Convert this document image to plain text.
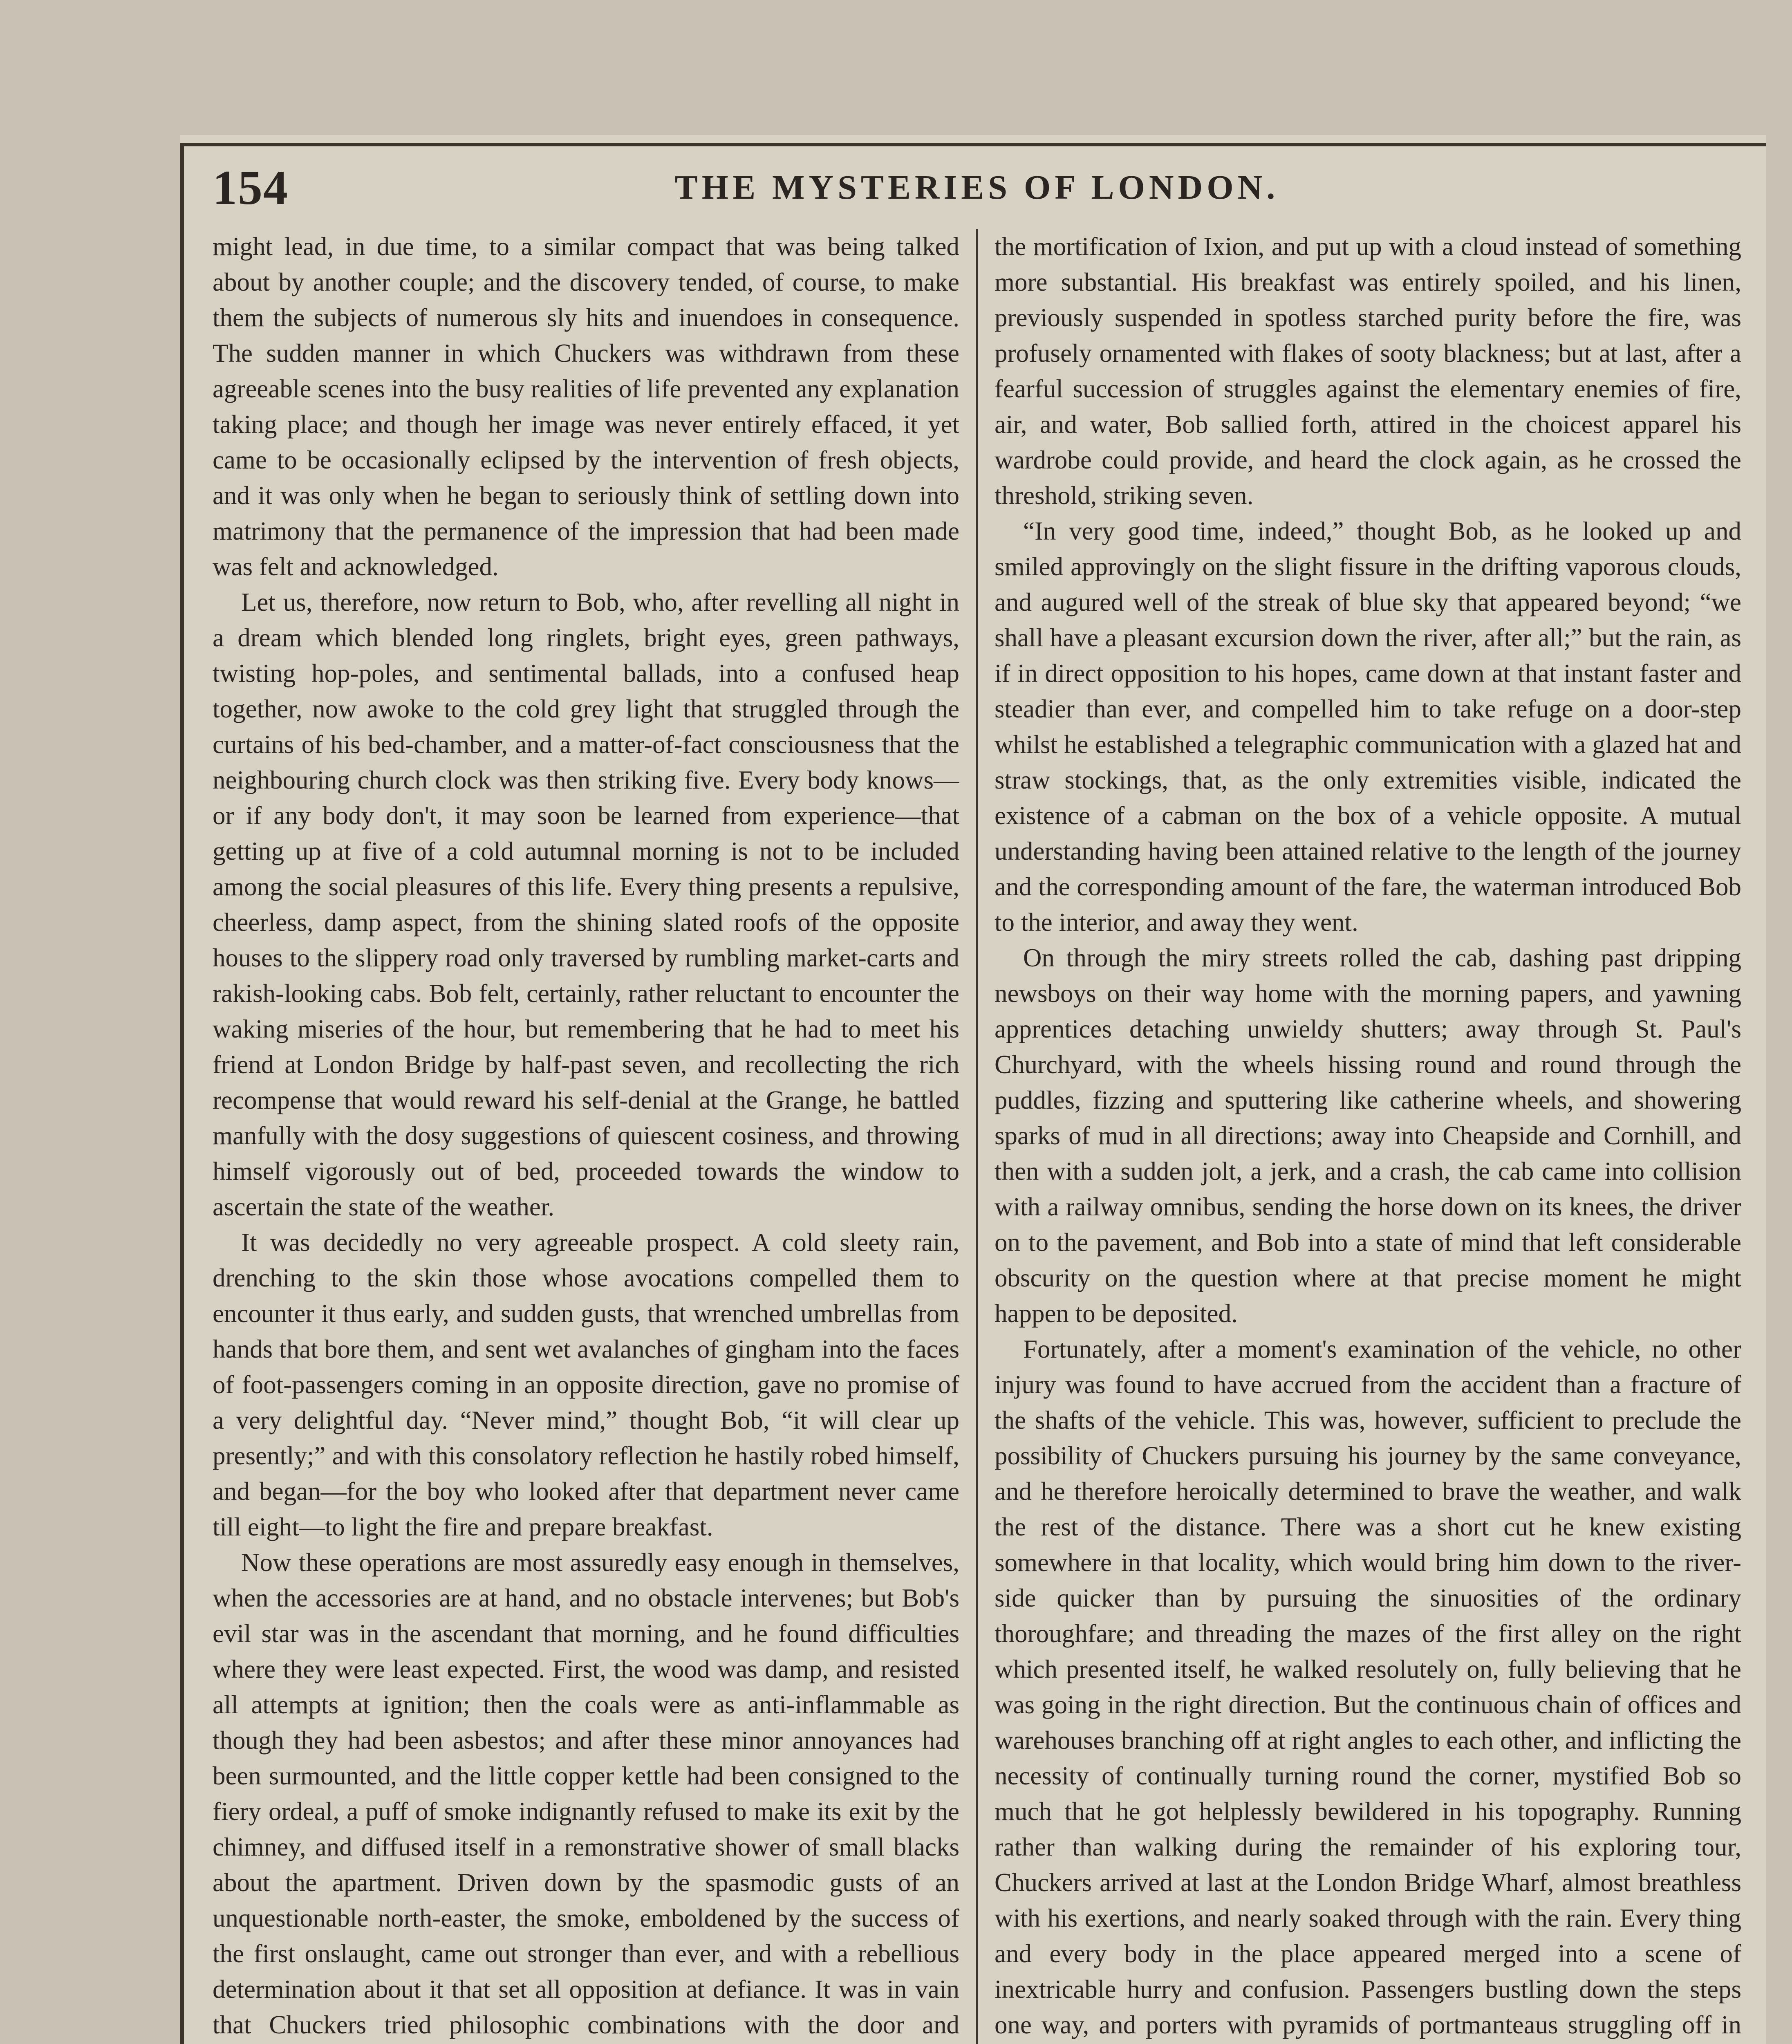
154	THE MYSTERIES OF LONDON.

might lead, in due time, to a similar compact that was being talked about by another couple; and the discovery tended, of course, to make them the subjects of numerous sly hits and inuendoes in consequence. The sudden manner in which Chuckers was withdrawn from these agreeable scenes into the busy realities of life prevented any explanation taking place; and though her image was never entirely effaced, it yet came to be occasionally eclipsed by the intervention of fresh objects, and it was only when he began to seriously think of settling down into matrimony that the permanence of the impression that had been made was felt and acknowledged.

Let us, therefore, now return to Bob, who, after revelling all night in a dream which blended long ringlets, bright eyes, green pathways, twisting hop-poles, and sentimental ballads, into a confused heap together, now awoke to the cold grey light that struggled through the curtains of his bed-chamber, and a matter-of-fact consciousness that the neighbouring church clock was then striking five. Every body knows—or if any body don't, it may soon be learned from experience—that getting up at five of a cold autumnal morning is not to be included among the social pleasures of this life. Every thing presents a repulsive, cheerless, damp aspect, from the shining slated roofs of the opposite houses to the slippery road only traversed by rumbling market-carts and rakish-looking cabs. Bob felt, certainly, rather reluctant to encounter the waking miseries of the hour, but remembering that he had to meet his friend at London Bridge by half-past seven, and recollecting the rich recompense that would reward his self-denial at the Grange, he battled manfully with the dosy suggestions of quiescent cosiness, and throwing himself vigorously out of bed, proceeded towards the window to ascertain the state of the weather.

It was decidedly no very agreeable prospect. A cold sleety rain, drenching to the skin those whose avocations compelled them to encounter it thus early, and sudden gusts, that wrenched umbrellas from hands that bore them, and sent wet avalanches of gingham into the faces of foot-passengers coming in an opposite direction, gave no promise of a very delightful day. “Never mind,” thought Bob, “it will clear up presently;” and with this consolatory reflection he hastily robed himself, and began—for the boy who looked after that department never came till eight—to light the fire and prepare breakfast.

Now these operations are most assuredly easy enough in themselves, when the accessories are at hand, and no obstacle intervenes; but Bob's evil star was in the ascendant that morning, and he found difficulties where they were least expected. First, the wood was damp, and resisted all attempts at ignition; then the coals were as anti-inflammable as though they had been asbestos; and after these minor annoyances had been surmounted, and the little copper kettle had been consigned to the fiery ordeal, a puff of smoke indignantly refused to make its exit by the chimney, and diffused itself in a remonstrative shower of small blacks about the apartment. Driven down by the spasmodic gusts of an unquestionable north-easter, the smoke, emboldened by the success of the first onslaught, came out stronger than ever, and with a rebellious determination about it that set all opposition at defiance. It was in vain that Chuckers tried philosophic combinations with the door and

the mortification of Ixion, and put up with a cloud instead of something more substantial. His breakfast was entirely spoiled, and his linen, previously suspended in spotless starched purity before the fire, was profusely ornamented with flakes of sooty blackness; but at last, after a fearful succession of struggles against the elementary enemies of fire, air, and water, Bob sallied forth, attired in the choicest apparel his wardrobe could provide, and heard the clock again, as he crossed the threshold, striking seven.

“In very good time, indeed,” thought Bob, as he looked up and smiled approvingly on the slight fissure in the drifting vaporous clouds, and augured well of the streak of blue sky that appeared beyond; “we shall have a pleasant excursion down the river, after all;” but the rain, as if in direct opposition to his hopes, came down at that instant faster and steadier than ever, and compelled him to take refuge on a door-step whilst he established a telegraphic communication with a glazed hat and straw stockings, that, as the only extremities visible, indicated the existence of a cabman on the box of a vehicle opposite. A mutual understanding having been attained relative to the length of the journey and the corresponding amount of the fare, the waterman introduced Bob to the interior, and away they went.

On through the miry streets rolled the cab, dashing past dripping newsboys on their way home with the morning papers, and yawning apprentices detaching unwieldy shutters; away through St. Paul's Churchyard, with the wheels hissing round and round through the puddles, fizzing and sputtering like catherine wheels, and showering sparks of mud in all directions; away into Cheapside and Cornhill, and then with a sudden jolt, a jerk, and a crash, the cab came into collision with a railway omnibus, sending the horse down on its knees, the driver on to the pavement, and Bob into a state of mind that left considerable obscurity on the question where at that precise moment he might happen to be deposited.

Fortunately, after a moment's examination of the vehicle, no other injury was found to have accrued from the accident than a fracture of the shafts of the vehicle. This was, however, sufficient to preclude the possibility of Chuckers pursuing his journey by the same conveyance, and he therefore heroically determined to brave the weather, and walk the rest of the distance. There was a short cut he knew existing somewhere in that locality, which would bring him down to the river-side quicker than by pursuing the sinuosities of the ordinary thoroughfare; and threading the mazes of the first alley on the right which presented itself, he walked resolutely on, fully believing that he was going in the right direction. But the continuous chain of offices and warehouses branching off at right angles to each other, and inflicting the necessity of continually turning round the corner, mystified Bob so much that he got helplessly bewildered in his topography. Running rather than walking during the remainder of his exploring tour, Chuckers arrived at last at the London Bridge Wharf, almost breathless with his exertions, and nearly soaked through with the rain. Every thing and every body in the place appeared merged into a scene of inextricable hurry and confusion. Passengers bustling down the steps one way, and porters with pyramids of portmanteaus struggling off in
